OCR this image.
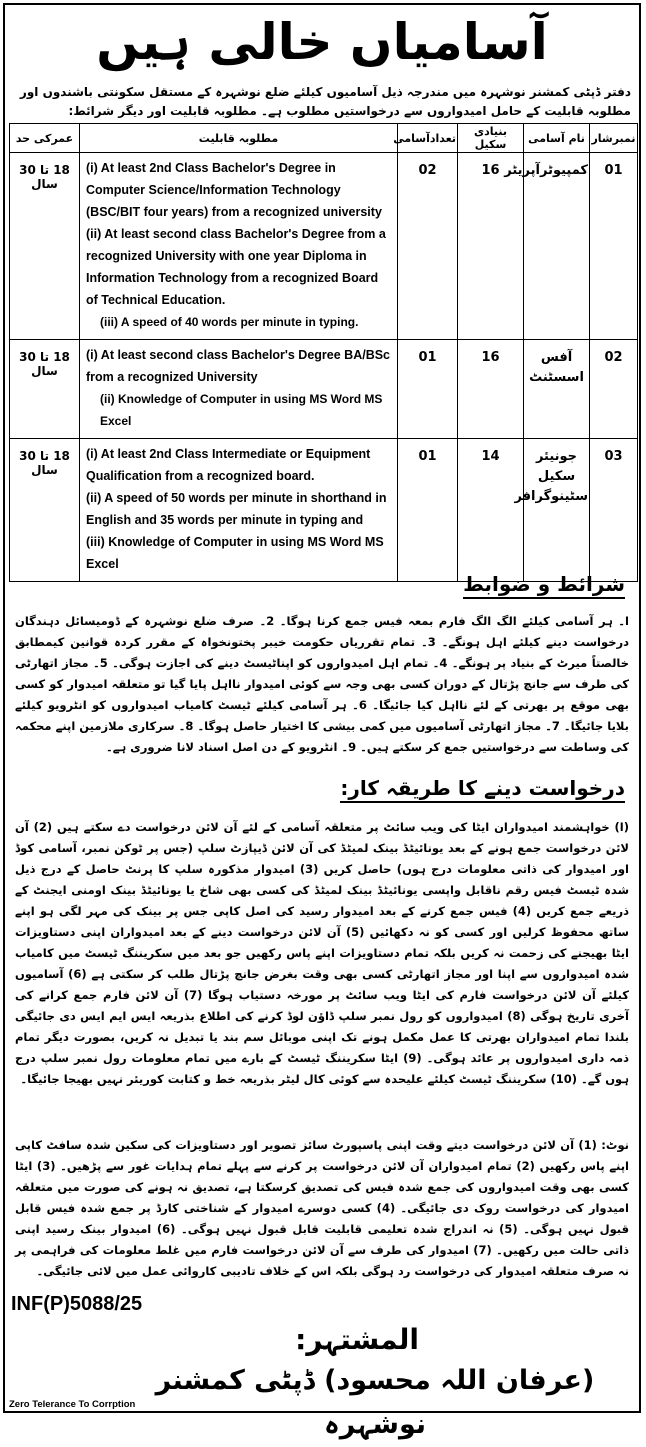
آسامیاں خالی ہیں
دفتر ڈپٹی کمشنر نوشہرہ میں مندرجہ ذیل آسامیوں کیلئے ضلع نوشہرہ کے مستقل سکونتی باشندوں اور مطلوبہ قابلیت کے حامل امیدواروں سے درخواستیں مطلوب ہے۔ مطلوبہ قابلیت اور دیگر شرائط:
نمبرشار	نام آسامی	بنیادی سکیل	تعدادآسامی	مطلوبہ قابلیت	عمرکی حد
01	کمپیوٹرآپریٹر	16	02	(i) At least 2nd Class Bachelor's Degree in Computer Science/Information Technology (BSC/BIT four years) from a recognized university
(ii) At least second class Bachelor's Degree from a recognized University with one year Diploma in Information Technology from a recognized Board of Technical Education.
(iii) A speed of 40 words per minute in typing.	18 تا 30 سال
02	آفس اسسٹنٹ	16	01	(i) At least second class Bachelor's Degree BA/BSc from a recognized University
(ii) Knowledge of Computer in using MS Word MS Excel	18 تا 30 سال
03	جونیئر سکیل سٹینوگرافر	14	01	(i) At least 2nd Class Intermediate or Equipment Qualification from a recognized board.
(ii) A speed of 50 words per minute in shorthand in English and 35 words per minute in typing and
(iii) Knowledge of Computer in using MS Word MS Excel	18 تا 30 سال
شرائط و ضوابط
ا۔ ہر آسامی کیلئے الگ الگ فارم بمعہ فیس جمع کرنا ہوگا۔ 2۔ صرف ضلع نوشہرہ کے ڈومیسائل دہندگان درخواست دینے کیلئے اہل ہونگے۔ 3۔ تمام تقرریاں حکومت خیبر پختونخواہ کے مقرر کردہ قوانین کیمطابق خالصتاً میرٹ کے بنیاد پر ہونگے۔ 4۔ تمام اہل امیدواروں کو اپناٹیسٹ دینے کی اجازت ہوگی۔ 5۔ مجاز اتھارٹی کی طرف سے جانچ پڑتال کے دوران کسی بھی وجہ سے کوئی امیدوار نااہل پایا گیا تو متعلقہ امیدوار کو کسی بھی موقع پر بھرتی کے لئے نااہل کیا جائیگا۔ 6۔ ہر آسامی کیلئے ٹیسٹ کامیاب امیدواروں کو انٹرویو کیلئے بلایا جائیگا۔ 7۔ مجاز اتھارٹی آسامیوں میں کمی بیشی کا اختیار حاصل ہوگا۔ 8۔ سرکاری ملازمین اپنے محکمہ کی وساطت سے درخواستیں جمع کر سکتے ہیں۔ 9۔ انٹرویو کے دن اصل اسناد لانا ضروری ہے۔
درخواست دینے کا طریقہ کار:
(ا) خواہشمند امیدواران ایٹا کی ویب سائٹ پر متعلقہ آسامی کے لئے آن لائن درخواست دے سکتے ہیں (2) آن لائن درخواست جمع ہونے کے بعد یونائیٹڈ بینک لمیٹڈ کی آن لائن ڈیپازٹ سلپ (جس پر ٹوکن نمبر، آسامی کوڈ اور امیدوار کی ذاتی معلومات درج ہوں) حاصل کریں (3) امیدوار مذکورہ سلپ کا پرنٹ حاصل کے درج ذیل شدہ ٹیسٹ فیس رقم ناقابل واپسی یونائیٹڈ بینک لمیٹڈ کی کسی بھی شاخ یا یونائیٹڈ بینک اومنی ایجنٹ کے ذریعے جمع کریں (4) فیس جمع کرنے کے بعد امیدوار رسید کی اصل کاپی جس پر بینک کی مہر لگی ہو اپنے ساتھ محفوظ کرلیں اور کسی کو نہ دکھائیں (5) آن لائن درخواست دینے کے بعد امیدواران اپنی دستاویزات ایٹا بھیجنے کی زحمت نہ کریں بلکہ تمام دستاویزات اپنے پاس رکھیں جو بعد میں سکریننگ ٹیسٹ میں کامیاب شدہ امیدواروں سے اپنا اور مجاز اتھارٹی کسی بھی وقت بغرض جانچ پڑتال طلب کر سکتی ہے (6) آسامیوں کیلئے آن لائن درخواست فارم کی ایٹا ویب سائٹ پر مورخہ دستیاب ہوگا (7) آن لائن فارم جمع کرانے کی آخری تاریخ ہوگی (8) امیدواروں کو رول نمبر سلپ ڈاؤن لوڈ کرنے کی اطلاع بذریعہ ایس ایم ایس دی جائیگی بلندا تمام امیدواران بھرتی کا عمل مکمل ہونے تک اپنی موبائل سم بند یا تبدیل نہ کریں، بصورت دیگر تمام ذمہ داری امیدواروں پر عائد ہوگی۔ (9) ایٹا سکریننگ ٹیسٹ کے بارے میں تمام معلومات رول نمبر سلپ درج ہوں گے۔ (10) سکریننگ ٹیسٹ کیلئے علیحدہ سے کوئی کال لیٹر بذریعہ خط و کتابت کوریئر نہیں بھیجا جائیگا۔
نوٹ: (1) آن لائن درخواست دیتے وقت اپنی پاسپورٹ سائز تصویر اور دستاویزات کی سکین شدہ سافٹ کاپی اپنے پاس رکھیں (2) تمام امیدواران آن لائن درخواست پر کرنے سے پہلے تمام ہدایات غور سے پڑھیں۔ (3) ایٹا کسی بھی وقت امیدواروں کی جمع شدہ فیس کی تصدیق کرسکتا ہے، تصدیق نہ ہونے کی صورت میں متعلقہ امیدوار کی درخواست روک دی جائیگی۔ (4) کسی دوسرے امیدوار کے شناختی کارڈ پر جمع شدہ فیس قابل قبول نہیں ہوگی۔ (5) نہ اندراج شدہ تعلیمی قابلیت قابل قبول نہیں ہوگی۔ (6) امیدوار بینک رسید اپنی ذاتی حالت میں رکھیں۔ (7) امیدوار کی طرف سے آن لائن درخواست فارم میں غلط معلومات کی فراہمی پر نہ صرف متعلقہ امیدوار کی درخواست رد ہوگی بلکہ اس کے خلاف تادیبی کاروائی عمل میں لائی جائیگی۔
INF(P)5088/25
المشتہر:
(عرفان اللہ محسود) ڈپٹی کمشنر نوشہرہ
Zero Telerance To Corrption
